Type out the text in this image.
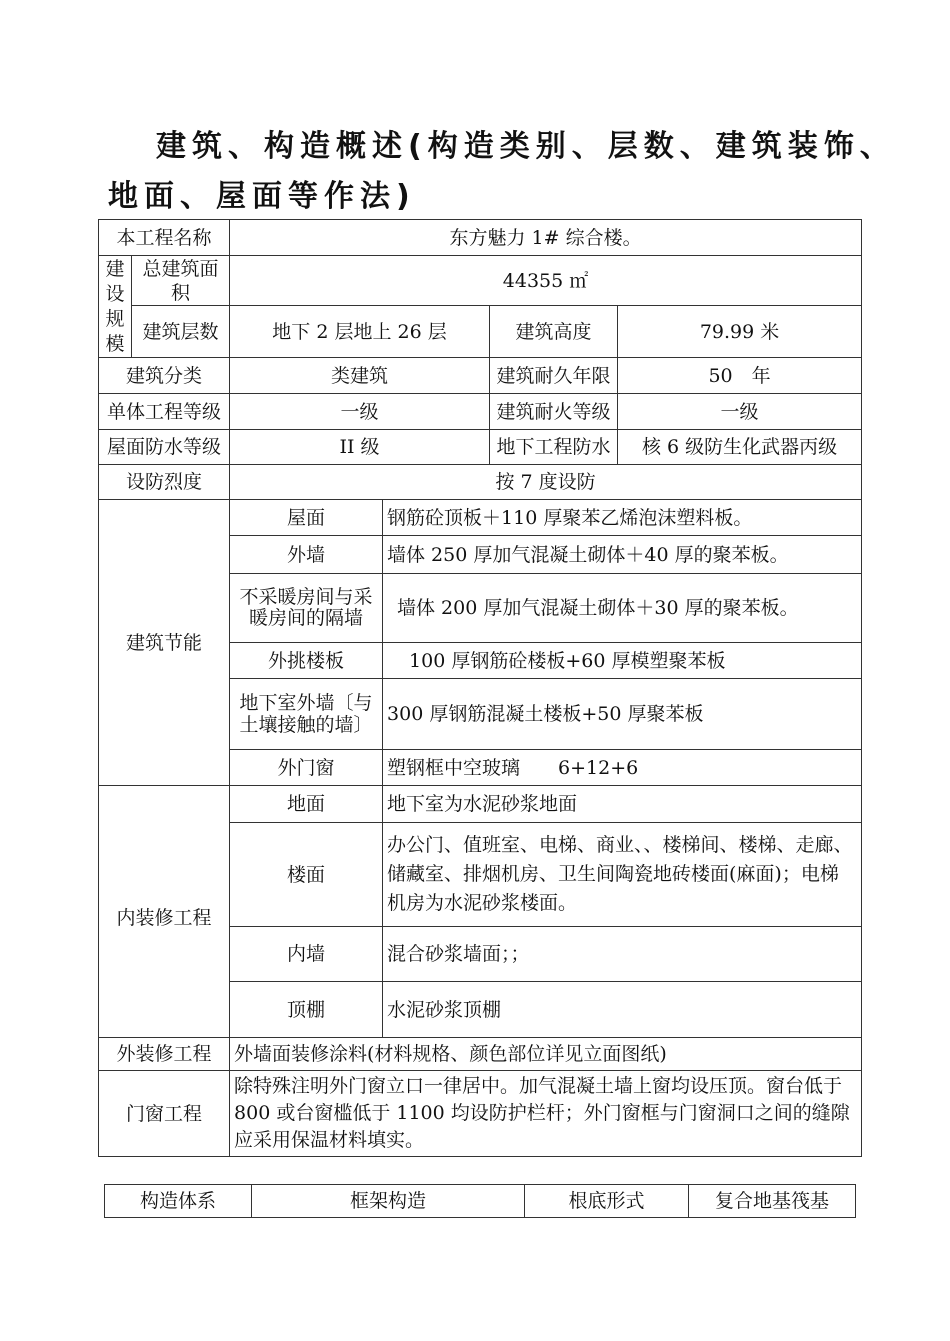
建筑、构造概述(构造类别、层数、建筑装饰、
地面、屋面等作法)
本工程名称		东方魅力 1# 综合楼。			

建设规模	总建筑面积	44355 ㎡			
	建筑层数	地下 2 层地上 26 层		建筑高度	79.99 米
建筑分类		类建筑		建筑耐久年限	50　年

单体工程等级		一级		建筑耐火等级	一级

屋面防水等级		II 级		地下工程防水	核 6 级防生化武器丙级
设防烈度		按 7 度设防			
建筑节能		屋面	钢筋砼顶板＋110 厚聚苯乙烯泡沫塑料板。		
		外墙	墙体 250 厚加气混凝土砌体＋40 厚的聚苯板。		
		不采暖房间与采暖房间的隔墙	墙体 200 厚加气混凝土砌体＋30 厚的聚苯板。		
		外挑楼板	100 厚钢筋砼楼板+60 厚模塑聚苯板		
		地下室外墙〔与土壤接触的墙〕	300 厚钢筋混凝土楼板+50 厚聚苯板		
		外门窗	塑钢框中空玻璃　　6+12+6		
内装修工程		地面	地下室为水泥砂浆地面		
		楼面	办公门、值班室、电梯、商业、、楼梯间、楼梯、走廊、储藏室、排烟机房、卫生间陶瓷地砖楼面(麻面)；电梯机房为水泥砂浆楼面。		
		内墙	混合砂浆墙面；；		
		顶棚	水泥砂浆顶棚		
外装修工程		外墙面装修涂料(材料规格、颜色部位详见立面图纸)			
门窗工程		除特殊注明外门窗立口一律居中。加气混凝土墙上窗均设压顶。窗台低于 800 或台窗槛低于 1100 均设防护栏杆；外门窗框与门窗洞口之间的缝隙应采用保温材料填实。			
构造体系	框架构造	根底形式	复合地基筏基
